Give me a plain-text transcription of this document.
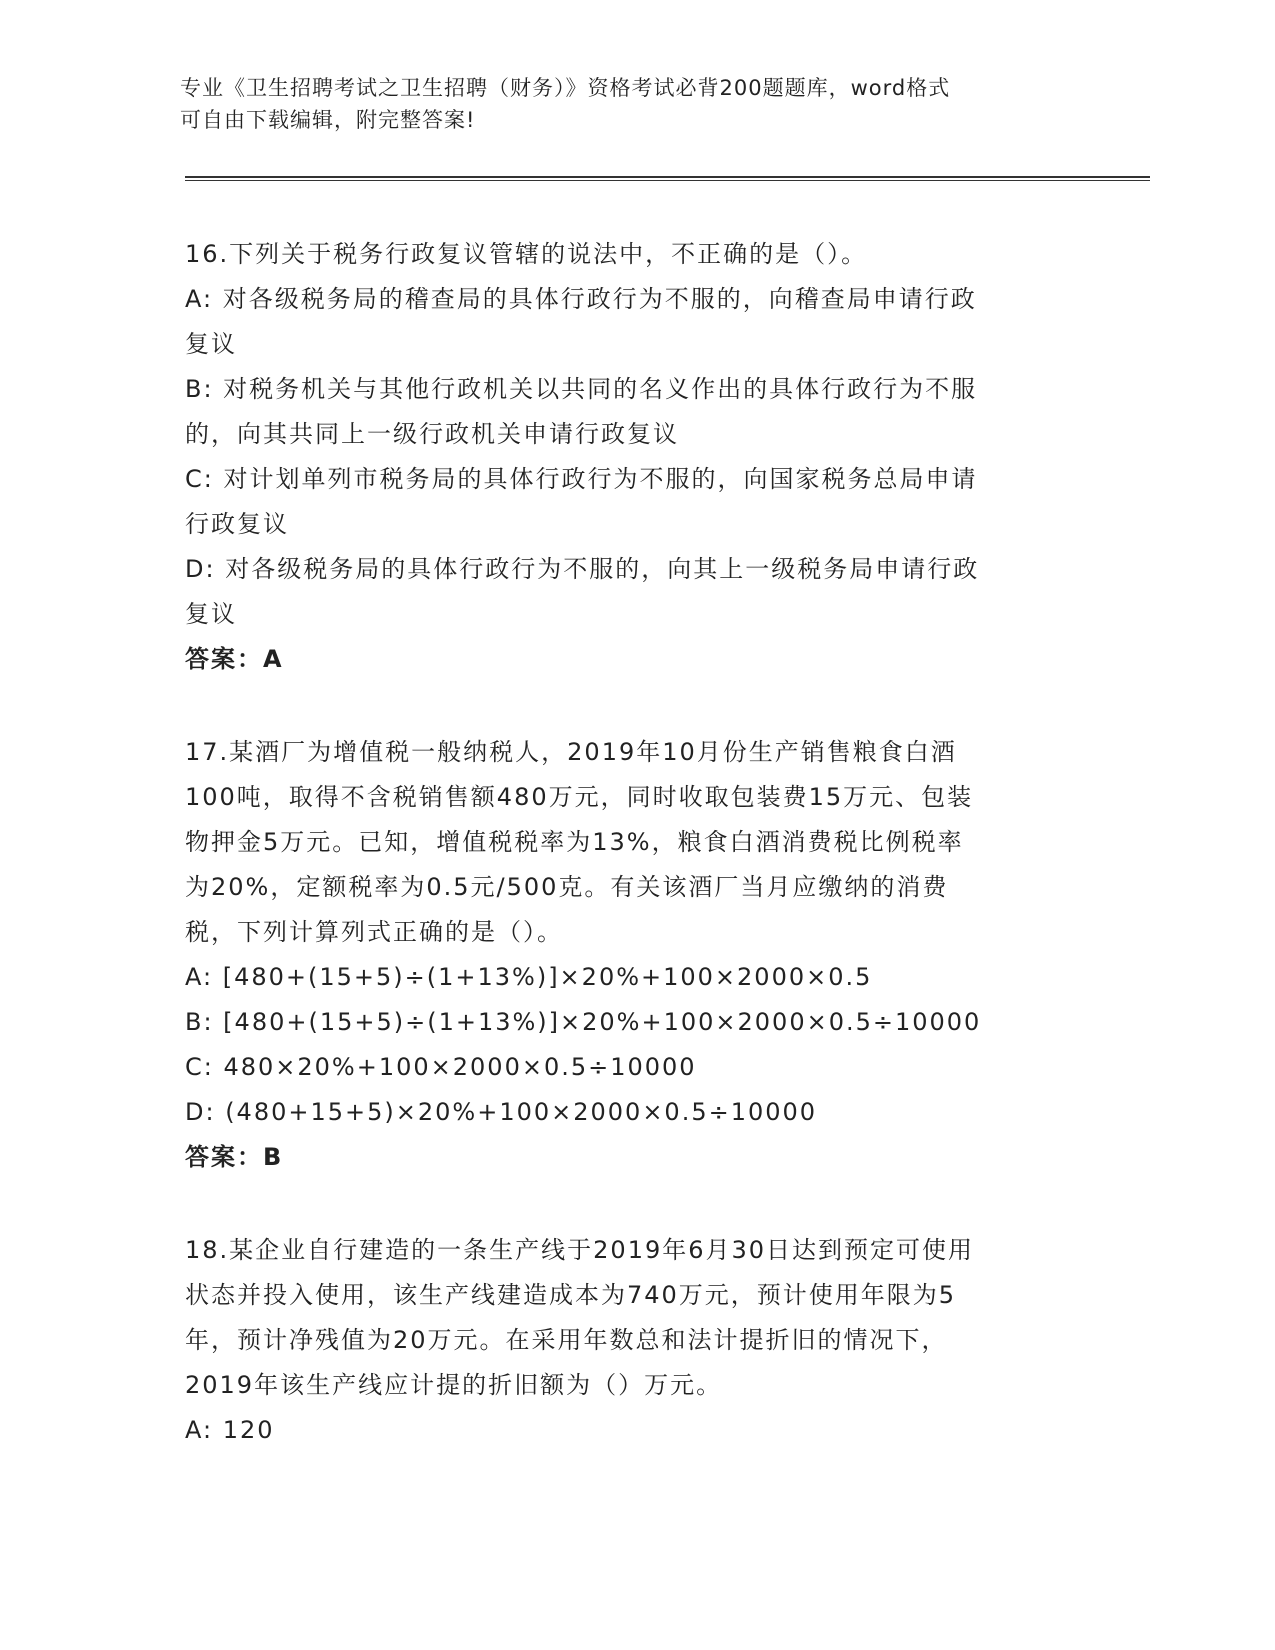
专业《卫生招聘考试之卫生招聘（财务）》资格考试必背200题题库，word格式
可自由下载编辑，附完整答案!

16.下列关于税务行政复议管辖的说法中，不正确的是（）。

A: 对各级税务局的稽查局的具体行政行为不服的，向稽查局申请行政

复议

B: 对税务机关与其他行政机关以共同的名义作出的具体行政行为不服

的，向其共同上一级行政机关申请行政复议

C: 对计划单列市税务局的具体行政行为不服的，向国家税务总局申请

行政复议

D: 对各级税务局的具体行政行为不服的，向其上一级税务局申请行政

复议

答案：A

17.某酒厂为增值税一般纳税人，2019年10月份生产销售粮食白酒

100吨，取得不含税销售额480万元，同时收取包装费15万元、包装

物押金5万元。已知，增值税税率为13%，粮食白酒消费税比例税率

为20%，定额税率为0.5元/500克。有关该酒厂当月应缴纳的消费

税，下列计算列式正确的是（）。

A: [480+(15+5)÷(1+13%)]×20%+100×2000×0.5

B: [480+(15+5)÷(1+13%)]×20%+100×2000×0.5÷10000

C: 480×20%+100×2000×0.5÷10000

D: (480+15+5)×20%+100×2000×0.5÷10000

答案：B

18.某企业自行建造的一条生产线于2019年6月30日达到预定可使用

状态并投入使用，该生产线建造成本为740万元，预计使用年限为5

年，预计净残值为20万元。在采用年数总和法计提折旧的情况下，

2019年该生产线应计提的折旧额为（）万元。

A: 120
